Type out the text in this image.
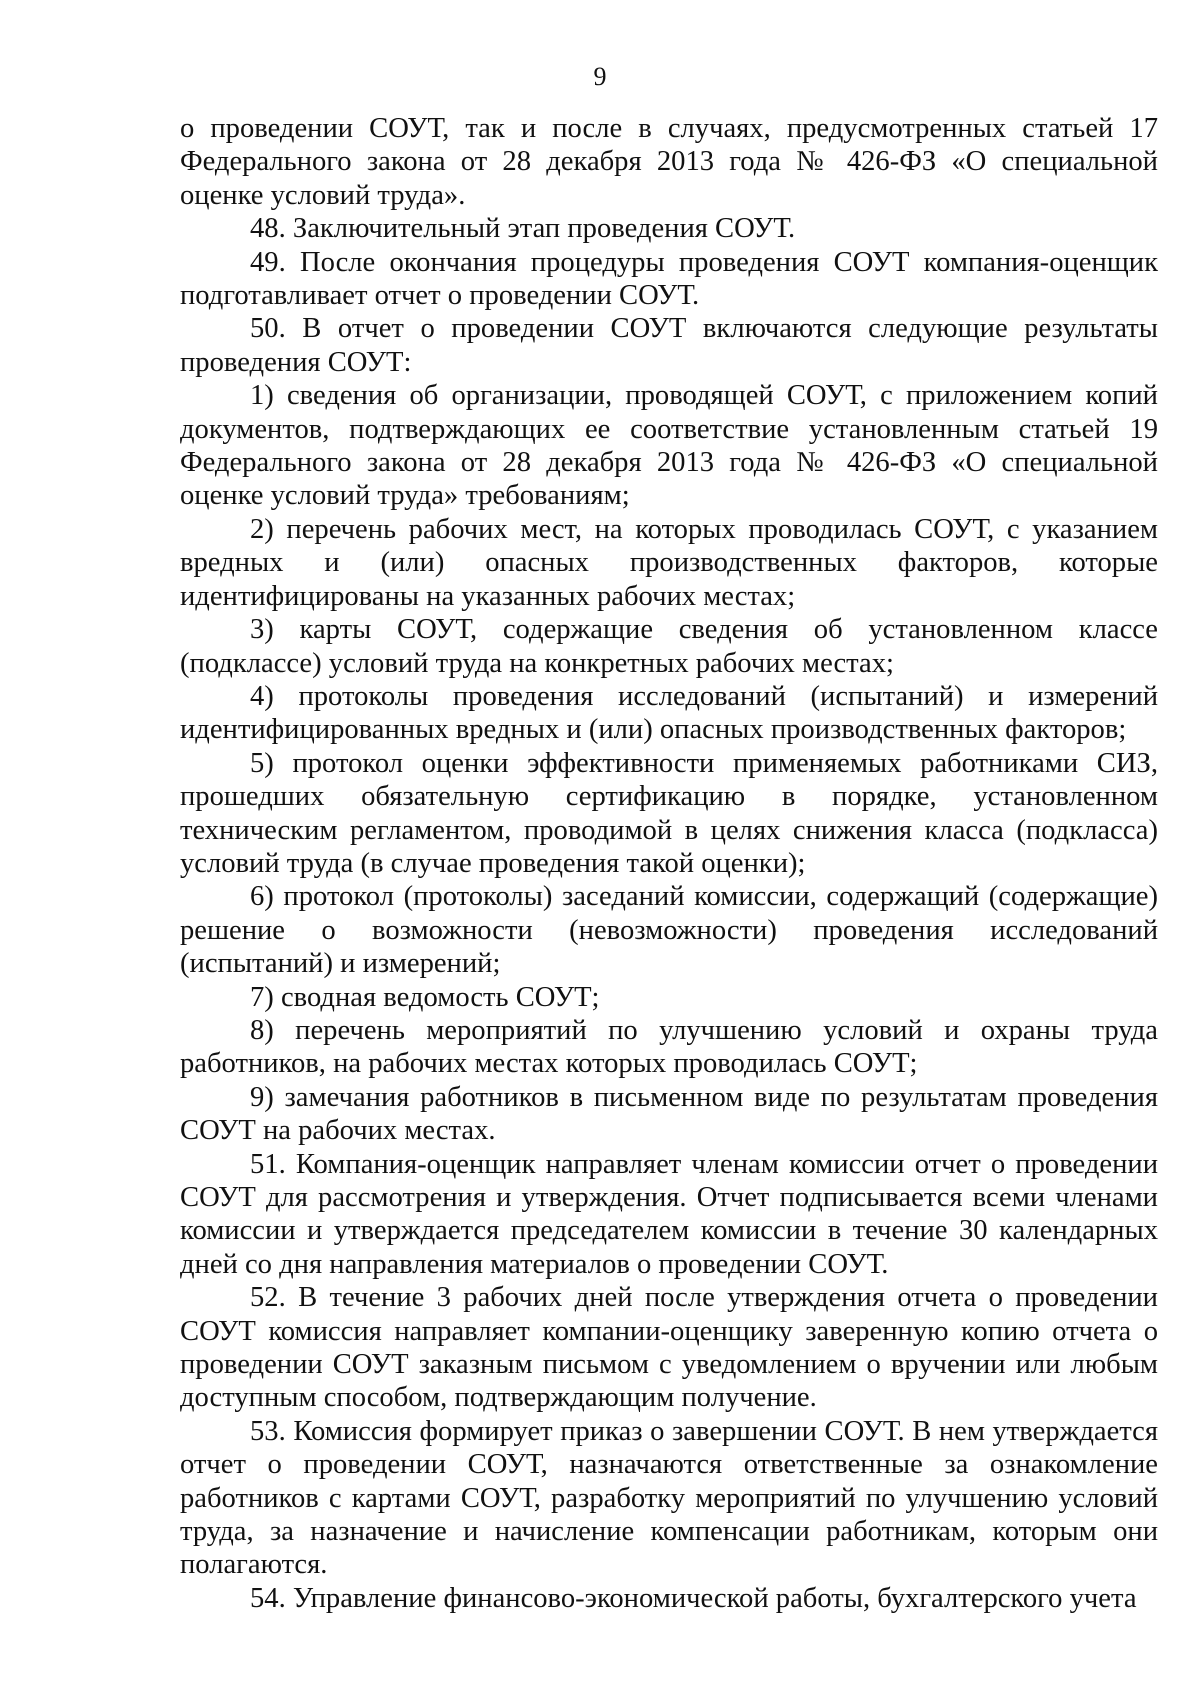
9

о проведении СОУТ, так и после в случаях, предусмотренных статьей 17 Федерального закона от 28 декабря 2013 года № 426-ФЗ «О специальной оценке условий труда».

48. Заключительный этап проведения СОУТ.

49. После окончания процедуры проведения СОУТ компания-оценщик подготавливает отчет о проведении СОУТ.

50. В отчет о проведении СОУТ включаются следующие результаты проведения СОУТ:

1) сведения об организации, проводящей СОУТ, с приложением копий документов, подтверждающих ее соответствие установленным статьей 19 Федерального закона от 28 декабря 2013 года № 426-ФЗ «О специальной оценке условий труда» требованиям;

2) перечень рабочих мест, на которых проводилась СОУТ, с указанием вредных и (или) опасных производственных факторов, которые идентифицированы на указанных рабочих местах;

3) карты СОУТ, содержащие сведения об установленном классе (подклассе) условий труда на конкретных рабочих местах;

4) протоколы проведения исследований (испытаний) и измерений идентифицированных вредных и (или) опасных производственных факторов;

5) протокол оценки эффективности применяемых работниками СИЗ, прошедших обязательную сертификацию в порядке, установленном техническим регламентом, проводимой в целях снижения класса (подкласса) условий труда (в случае проведения такой оценки);

6) протокол (протоколы) заседаний комиссии, содержащий (содержащие) решение о возможности (невозможности) проведения исследований (испытаний) и измерений;

7) сводная ведомость СОУТ;

8) перечень мероприятий по улучшению условий и охраны труда работников, на рабочих местах которых проводилась СОУТ;

9) замечания работников в письменном виде по результатам проведения СОУТ на рабочих местах.

51. Компания-оценщик направляет членам комиссии отчет о проведении СОУТ для рассмотрения и утверждения. Отчет подписывается всеми членами комиссии и утверждается председателем комиссии в течение 30 календарных дней со дня направления материалов о проведении СОУТ.

52. В течение 3 рабочих дней после утверждения отчета о проведении СОУТ комиссия направляет компании-оценщику заверенную копию отчета о проведении СОУТ заказным письмом с уведомлением о вручении или любым доступным способом, подтверждающим получение.

53. Комиссия формирует приказ о завершении СОУТ. В нем утверждается отчет о проведении СОУТ, назначаются ответственные за ознакомление работников с картами СОУТ, разработку мероприятий по улучшению условий труда, за назначение и начисление компенсации работникам, которым они полагаются.

54. Управление финансово-экономической работы, бухгалтерского учета
